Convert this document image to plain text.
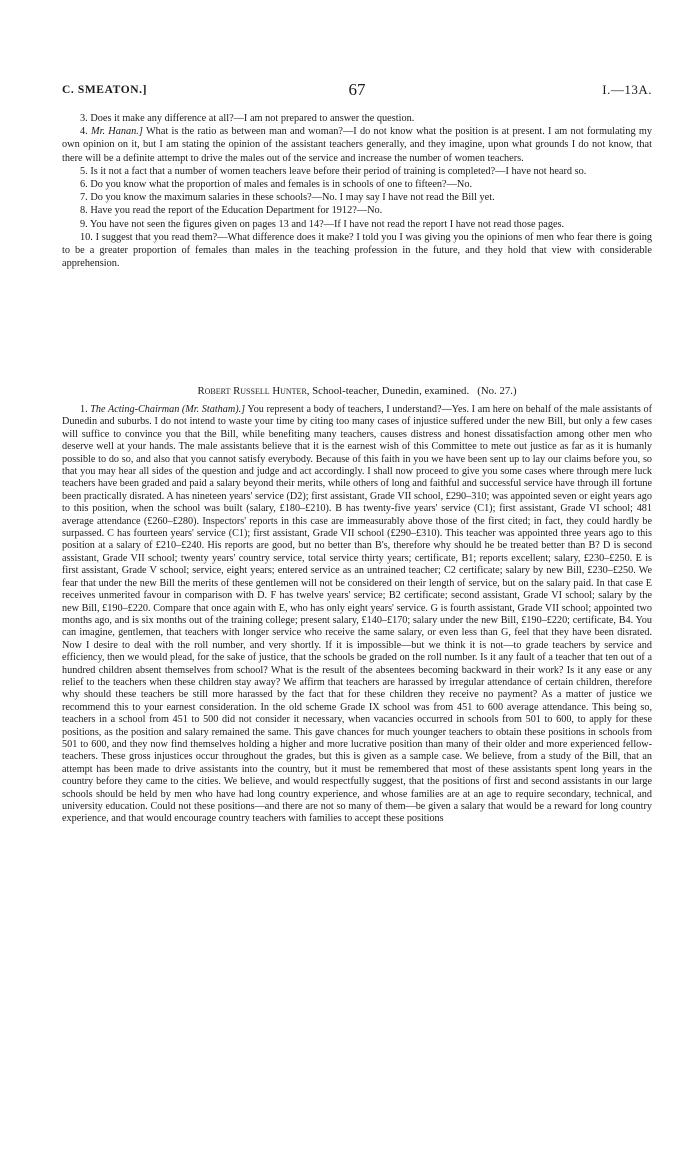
C. SMEATON.]	67	I.—13A.

3. Does it make any difference at all?—I am not prepared to answer the question.

4. Mr. Hanan.] What is the ratio as between man and woman?—I do not know what the position is at present. I am not formulating my own opinion on it, but I am stating the opinion of the assistant teachers generally, and they imagine, upon what grounds I do not know, that there will be a definite attempt to drive the males out of the service and increase the number of women teachers.

5. Is it not a fact that a number of women teachers leave before their period of training is completed?—I have not heard so.

6. Do you know what the proportion of males and females is in schools of one to fifteen?—No.

7. Do you know the maximum salaries in these schools?—No. I may say I have not read the Bill yet.

8. Have you read the report of the Education Department for 1912?—No.

9. You have not seen the figures given on pages 13 and 14?—If I have not read the report I have not read those pages.

10. I suggest that you read them?—What difference does it make? I told you I was giving you the opinions of men who fear there is going to be a greater proportion of females than males in the teaching profession in the future, and they hold that view with considerable apprehension.

Robert Russell Hunter, School-teacher, Dunedin, examined. (No. 27.)

1. The Acting-Chairman (Mr. Statham).] You represent a body of teachers, I understand?—Yes. I am here on behalf of the male assistants of Dunedin and suburbs. I do not intend to waste your time by citing too many cases of injustice suffered under the new Bill, but only a few cases will suffice to convince you that the Bill, while benefiting many teachers, causes distress and honest dissatisfaction among other men who deserve well at your hands. The male assistants believe that it is the earnest wish of this Committee to mete out justice as far as it is humanly possible to do so, and also that you cannot satisfy everybody. Because of this faith in you we have been sent up to lay our claims before you, so that you may hear all sides of the question and judge and act accordingly. I shall now proceed to give you some cases where through mere luck teachers have been graded and paid a salary beyond their merits, while others of long and faithful and successful service have through ill fortune been practically disrated. A has nineteen years' service (D2); first assistant, Grade VII school, £290–310; was appointed seven or eight years ago to this position, when the school was built (salary, £180–£210). B has twenty-five years' service (C1); first assistant, Grade VI school; 481 average attendance (£260–£280). Inspectors' reports in this case are immeasurably above those of the first cited; in fact, they could hardly be surpassed. C has fourteen years' service (C1); first assistant, Grade VII school (£290–£310). This teacher was appointed three years ago to this position at a salary of £210–£240. His reports are good, but no better than B's, therefore why should he be treated better than B? D is second assistant, Grade VII school; twenty years' country service, total service thirty years; certificate, B1; reports excellent; salary, £230–£250. E is first assistant, Grade V school; service, eight years; entered service as an untrained teacher; C2 certificate; salary by new Bill, £230–£250. We fear that under the new Bill the merits of these gentlemen will not be considered on their length of service, but on the salary paid. In that case E receives unmerited favour in comparison with D. F has twelve years' service; B2 certificate; second assistant, Grade VI school; salary by the new Bill, £190–£220. Compare that once again with E, who has only eight years' service. G is fourth assistant, Grade VII school; appointed two months ago, and is six months out of the training college; present salary, £140–£170; salary under the new Bill, £190–£220; certificate, B4. You can imagine, gentlemen, that teachers with longer service who receive the same salary, or even less than G, feel that they have been disrated. Now I desire to deal with the roll number, and very shortly. If it is impossible—but we think it is not—to grade teachers by service and efficiency, then we would plead, for the sake of justice, that the schools be graded on the roll number. Is it any fault of a teacher that ten out of a hundred children absent themselves from school? What is the result of the absentees becoming backward in their work? Is it any ease or any relief to the teachers when these children stay away? We affirm that teachers are harassed by irregular attendance of certain children, therefore why should these teachers be still more harassed by the fact that for these children they receive no payment? As a matter of justice we recommend this to your earnest consideration. In the old scheme Grade IX school was from 451 to 600 average attendance. This being so, teachers in a school from 451 to 500 did not consider it necessary, when vacancies occurred in schools from 501 to 600, to apply for these positions, as the position and salary remained the same. This gave chances for much younger teachers to obtain these positions in schools from 501 to 600, and they now find themselves holding a higher and more lucrative position than many of their older and more experienced fellow-teachers. These gross injustices occur throughout the grades, but this is given as a sample case. We believe, from a study of the Bill, that an attempt has been made to drive assistants into the country, but it must be remembered that most of these assistants spent long years in the country before they came to the cities. We believe, and would respectfully suggest, that the positions of first and second assistants in our large schools should be held by men who have had long country experience, and whose families are at an age to require secondary, technical, and university education. Could not these positions—and there are not so many of them—be given a salary that would be a reward for long country experience, and that would encourage country teachers with families to accept these positions
